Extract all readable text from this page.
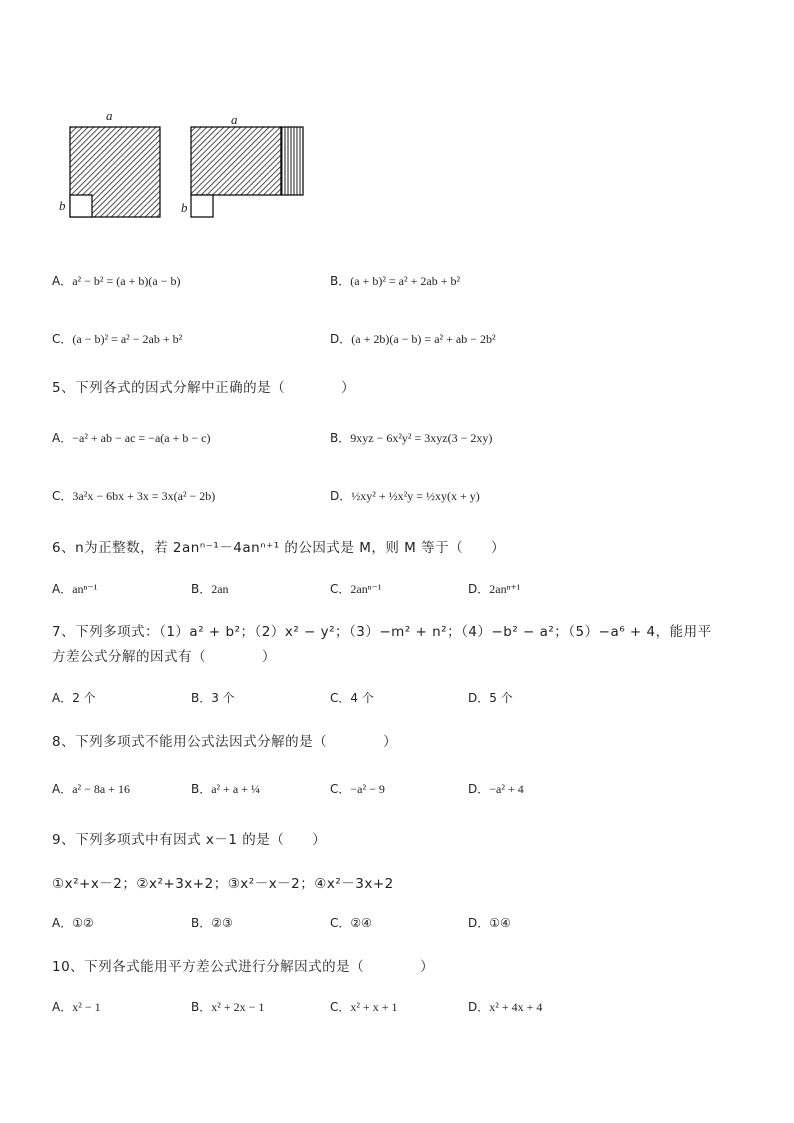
a
b
a
b
A．a² − b² = (a + b)(a − b)	B．(a + b)² = a² + 2ab + b²
C．(a − b)² = a² − 2ab + b²	D．(a + 2b)(a − b) = a² + ab − 2b²
5、下列各式的因式分解中正确的是（　　　　）
A．−a² + ab − ac = −a(a + b − c)	B．9xyz − 6x²y² = 3xyz(3 − 2xy)
C．3a²x − 6bx + 3x = 3x(a² − 2b)	D．½xy² + ½x²y = ½xy(x + y)
6、n为正整数，若 2anⁿ⁻¹－4anⁿ⁺¹ 的公因式是 M，则 M 等于（　　）
A．anⁿ⁻¹	B．2an	C．2anⁿ⁻¹	D．2anⁿ⁺¹
7、下列多项式：（1）a² + b²；（2）x² − y²；（3）−m² + n²；（4）−b² − a²；（5）−a⁶ + 4，能用平
方差公式分解的因式有（　　　　）
A．2 个	B．3 个	C．4 个	D．5 个
8、下列多项式不能用公式法因式分解的是（　　　　）
A．a² − 8a + 16	B．a² + a + ¼	C．−a² − 9	D．−a² + 4
9、下列多项式中有因式 x－1 的是（　　）
①x²+x－2；②x²+3x+2；③x²－x－2；④x²－3x+2
A．①②	B．②③	C．②④	D．①④
10、下列各式能用平方差公式进行分解因式的是（　　　　）
A．x² − 1	B．x² + 2x − 1	C．x² + x + 1	D．x² + 4x + 4
